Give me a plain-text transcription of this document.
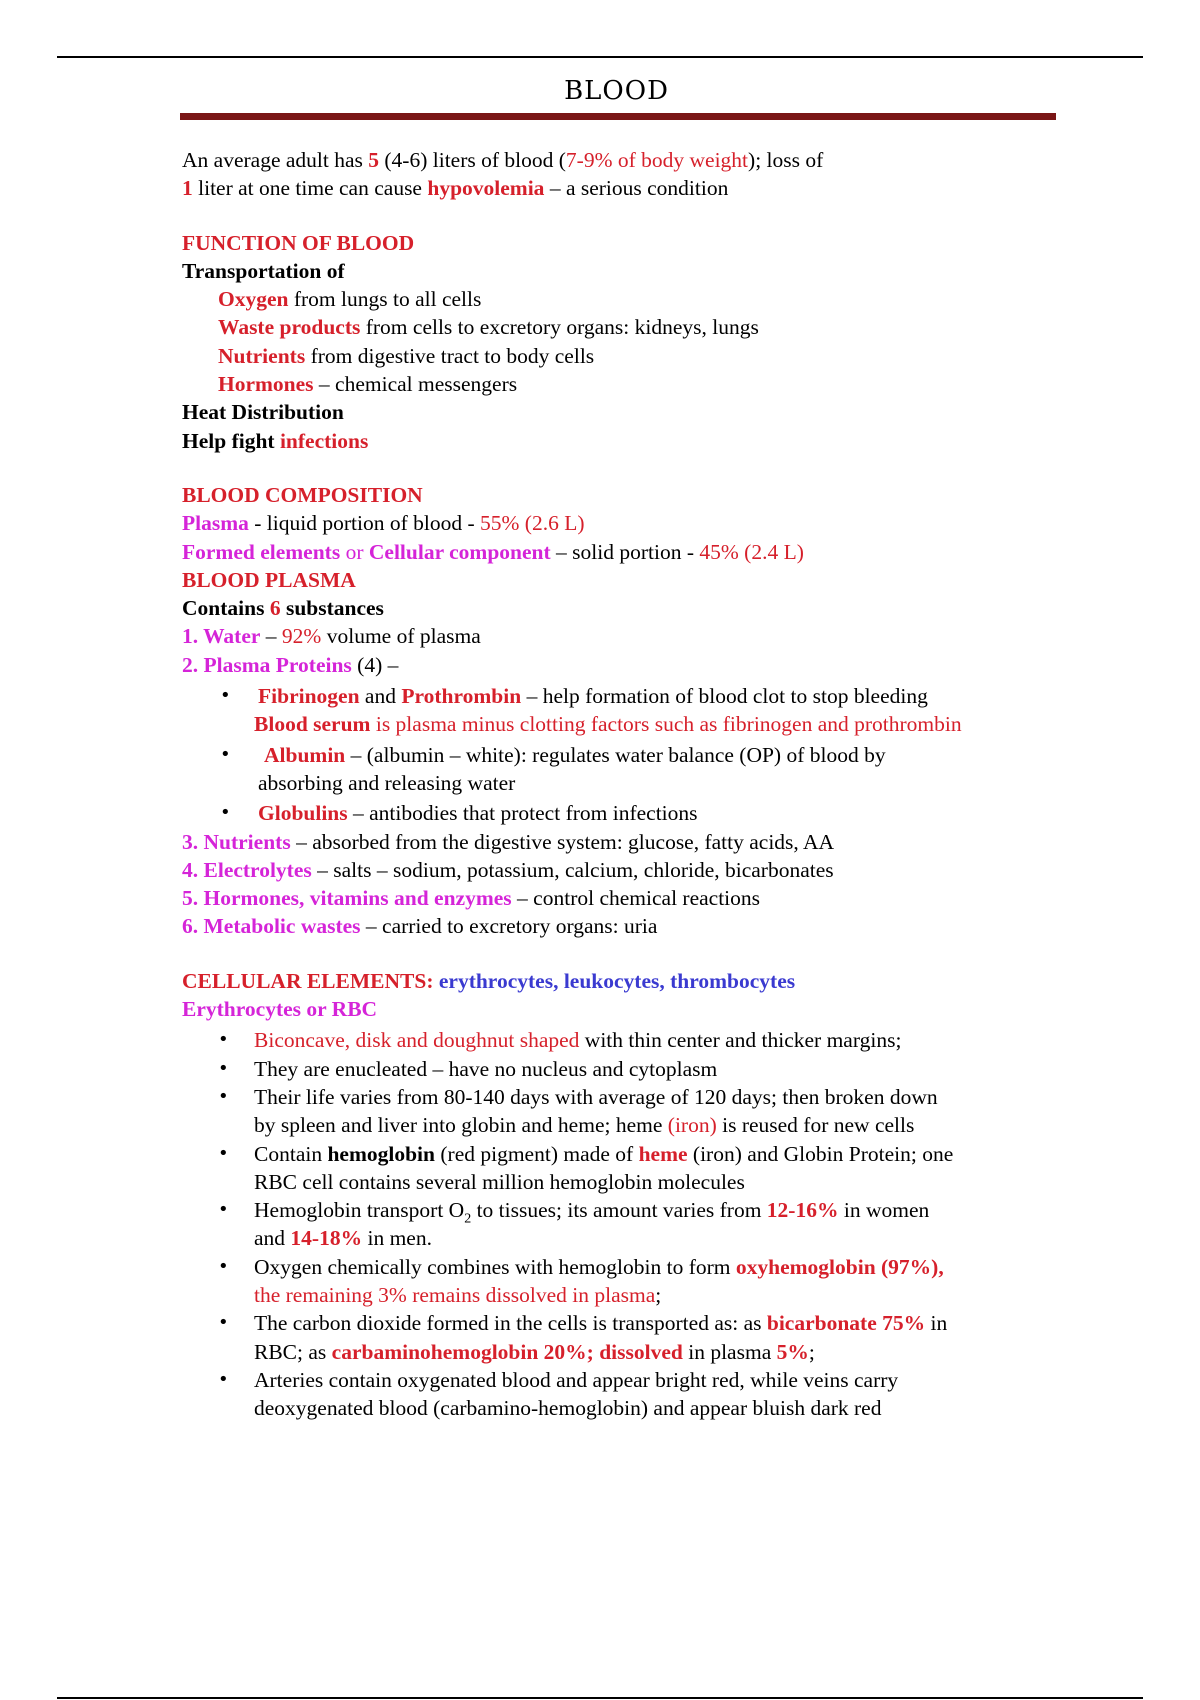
BLOOD
An average adult has 5 (4-6) liters of blood (7-9% of body weight); loss of
1 liter at one time can cause hypovolemia – a serious condition
FUNCTION OF BLOOD
Transportation of
Oxygen from lungs to all cells
Waste products from cells to excretory organs: kidneys, lungs
Nutrients from digestive tract to body cells
Hormones – chemical messengers
Heat Distribution
Help fight infections
BLOOD COMPOSITION
Plasma - liquid portion of blood - 55% (2.6 L)
Formed elements or Cellular component – solid portion - 45% (2.4 L)
BLOOD PLASMA
Contains 6 substances
1. Water – 92% volume of plasma
2. Plasma Proteins (4) –
• Fibrinogen and Prothrombin – help formation of blood clot to stop bleeding
Blood serum is plasma minus clotting factors such as fibrinogen and prothrombin
• Albumin – (albumin – white): regulates water balance (OP) of blood by
absorbing and releasing water
• Globulins – antibodies that protect from infections
3. Nutrients – absorbed from the digestive system: glucose, fatty acids, AA
4. Electrolytes – salts – sodium, potassium, calcium, chloride, bicarbonates
5. Hormones, vitamins and enzymes – control chemical reactions
6. Metabolic wastes – carried to excretory organs: uria
CELLULAR ELEMENTS: erythrocytes, leukocytes, thrombocytes
Erythrocytes or RBC
• Biconcave, disk and doughnut shaped with thin center and thicker margins;
• They are enucleated – have no nucleus and cytoplasm
• Their life varies from 80-140 days with average of 120 days; then broken down
by spleen and liver into globin and heme; heme (iron) is reused for new cells
• Contain hemoglobin (red pigment) made of heme (iron) and Globin Protein; one
RBC cell contains several million hemoglobin molecules
• Hemoglobin transport $O_2$ to tissues; its amount varies from 12-16% in women
and 14-18% in men.
• Oxygen chemically combines with hemoglobin to form oxyhemoglobin (97%),
the remaining 3% remains dissolved in plasma;
• The carbon dioxide formed in the cells is transported as: as bicarbonate 75% in
RBC; as carbaminohemoglobin 20%; dissolved in plasma 5%;
• Arteries contain oxygenated blood and appear bright red, while veins carry
deoxygenated blood (carbamino-hemoglobin) and appear bluish dark red
